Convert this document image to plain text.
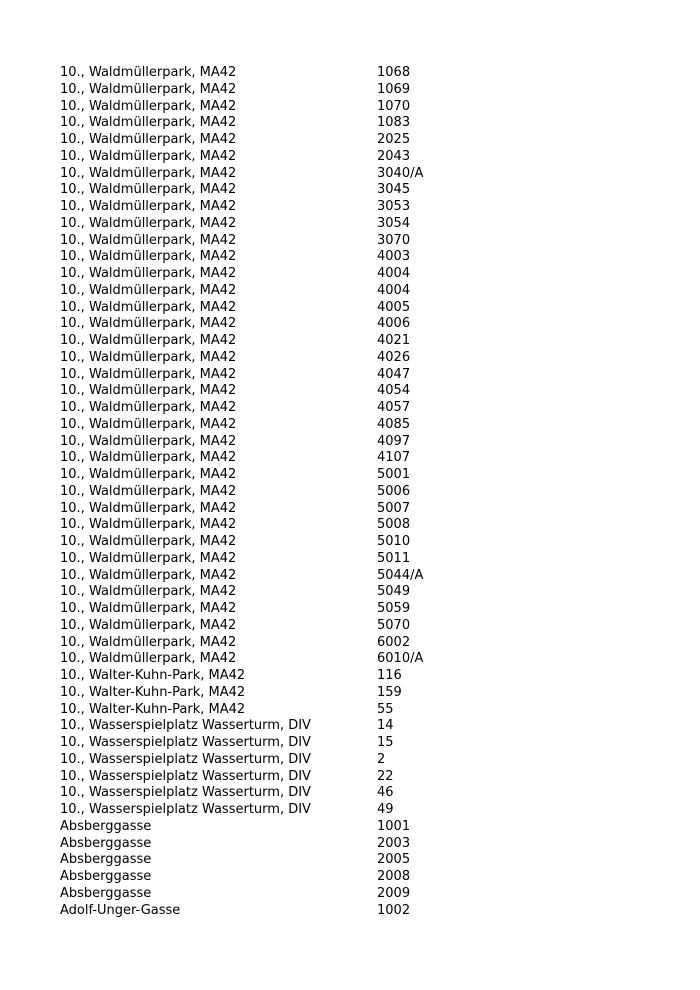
10., Waldmüllerpark, MA42	1068
10., Waldmüllerpark, MA42	1069
10., Waldmüllerpark, MA42	1070
10., Waldmüllerpark, MA42	1083
10., Waldmüllerpark, MA42	2025
10., Waldmüllerpark, MA42	2043
10., Waldmüllerpark, MA42	3040/A
10., Waldmüllerpark, MA42	3045
10., Waldmüllerpark, MA42	3053
10., Waldmüllerpark, MA42	3054
10., Waldmüllerpark, MA42	3070
10., Waldmüllerpark, MA42	4003
10., Waldmüllerpark, MA42	4004
10., Waldmüllerpark, MA42	4004
10., Waldmüllerpark, MA42	4005
10., Waldmüllerpark, MA42	4006
10., Waldmüllerpark, MA42	4021
10., Waldmüllerpark, MA42	4026
10., Waldmüllerpark, MA42	4047
10., Waldmüllerpark, MA42	4054
10., Waldmüllerpark, MA42	4057
10., Waldmüllerpark, MA42	4085
10., Waldmüllerpark, MA42	4097
10., Waldmüllerpark, MA42	4107
10., Waldmüllerpark, MA42	5001
10., Waldmüllerpark, MA42	5006
10., Waldmüllerpark, MA42	5007
10., Waldmüllerpark, MA42	5008
10., Waldmüllerpark, MA42	5010
10., Waldmüllerpark, MA42	5011
10., Waldmüllerpark, MA42	5044/A
10., Waldmüllerpark, MA42	5049
10., Waldmüllerpark, MA42	5059
10., Waldmüllerpark, MA42	5070
10., Waldmüllerpark, MA42	6002
10., Waldmüllerpark, MA42	6010/A
10., Walter-Kuhn-Park, MA42	116
10., Walter-Kuhn-Park, MA42	159
10., Walter-Kuhn-Park, MA42	55
10., Wasserspielplatz Wasserturm, DIV	14
10., Wasserspielplatz Wasserturm, DIV	15
10., Wasserspielplatz Wasserturm, DIV	2
10., Wasserspielplatz Wasserturm, DIV	22
10., Wasserspielplatz Wasserturm, DIV	46
10., Wasserspielplatz Wasserturm, DIV	49
Absberggasse	1001
Absberggasse	2003
Absberggasse	2005
Absberggasse	2008
Absberggasse	2009
Adolf-Unger-Gasse	1002
